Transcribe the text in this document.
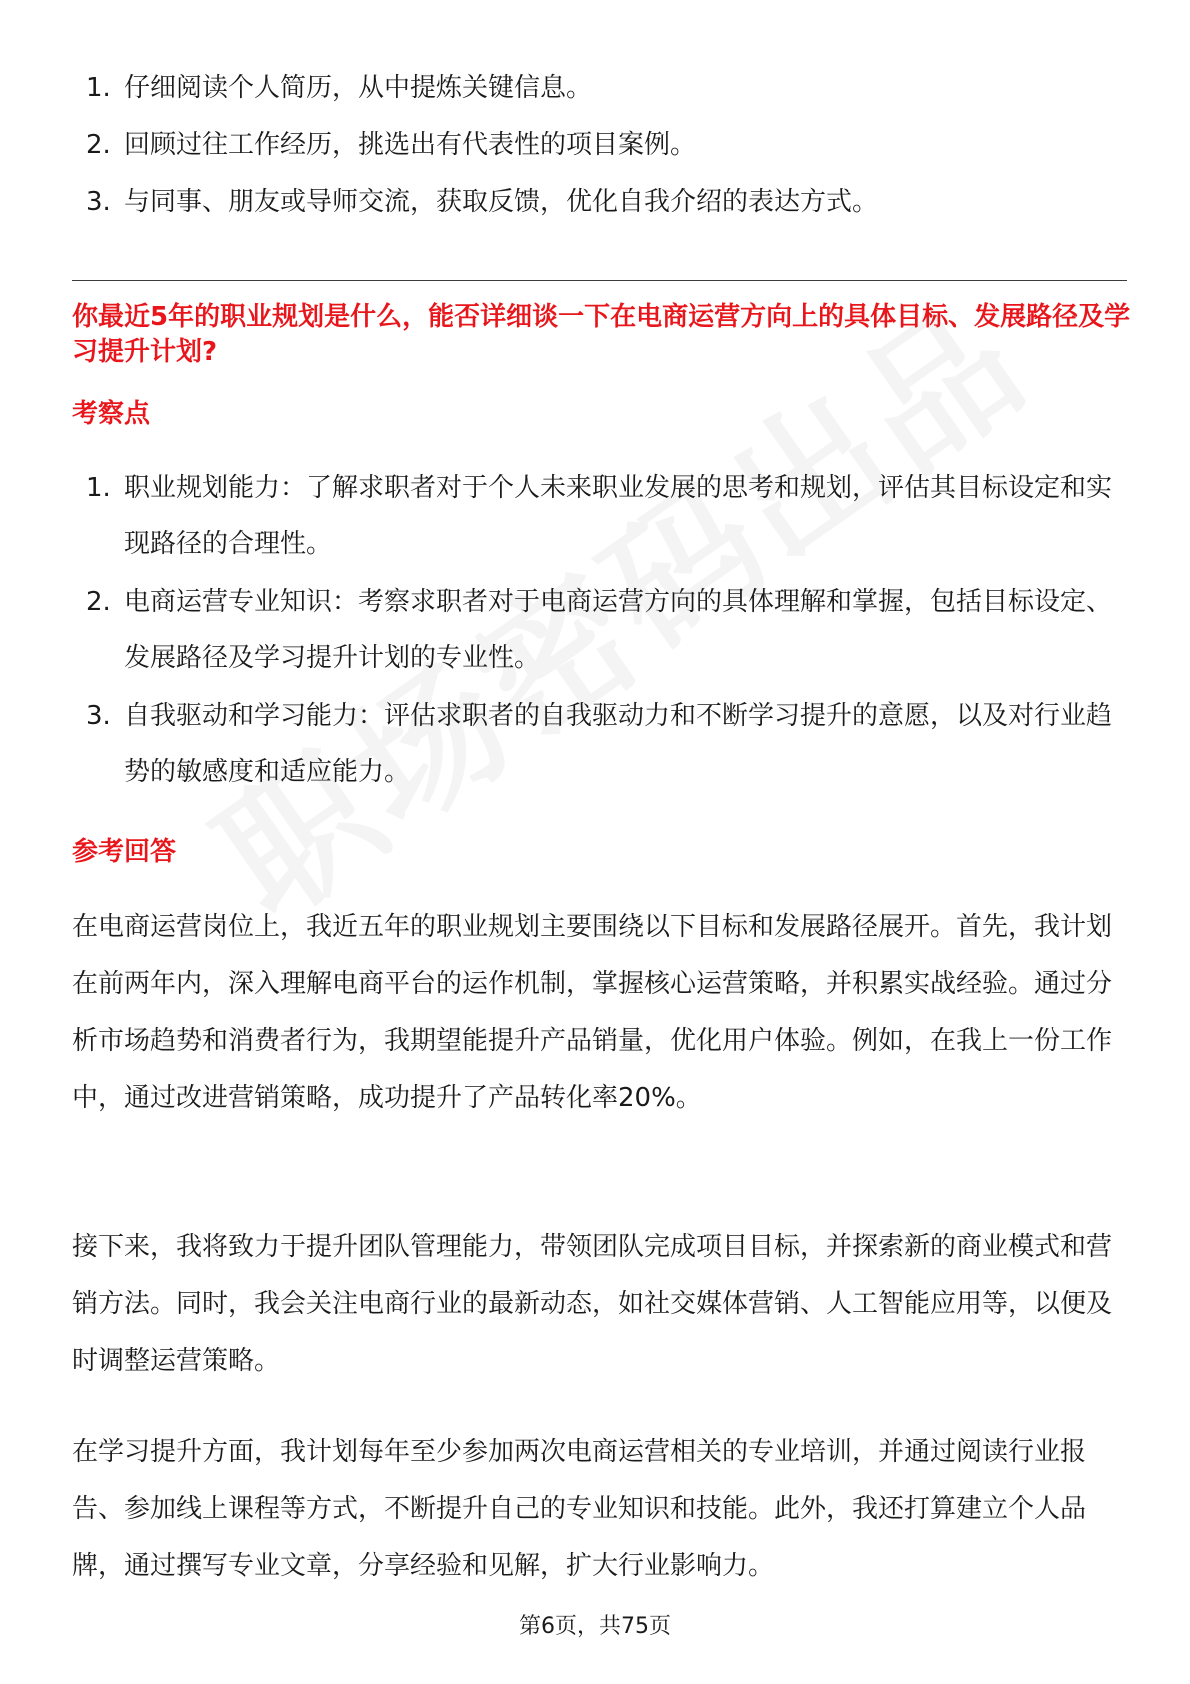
1. 仔细阅读个人简历，从中提炼关键信息。
2. 回顾过往工作经历，挑选出有代表性的项目案例。
3. 与同事、朋友或导师交流，获取反馈，优化自我介绍的表达方式。
你最近5年的职业规划是什么，能否详细谈一下在电商运营方向上的具体目标、发展路径及学习提升计划?
考察点
1. 职业规划能力：了解求职者对于个人未来职业发展的思考和规划，评估其目标设定和实现路径的合理性。
2. 电商运营专业知识：考察求职者对于电商运营方向的具体理解和掌握，包括目标设定、发展路径及学习提升计划的专业性。
3. 自我驱动和学习能力：评估求职者的自我驱动力和不断学习提升的意愿，以及对行业趋势的敏感度和适应能力。
参考回答

在电商运营岗位上，我近五年的职业规划主要围绕以下目标和发展路径展开。首先，我计划在前两年内，深入理解电商平台的运作机制，掌握核心运营策略，并积累实战经验。通过分析市场趋势和消费者行为，我期望能提升产品销量，优化用户体验。例如，在我上一份工作中，通过改进营销策略，成功提升了产品转化率20%。

接下来，我将致力于提升团队管理能力，带领团队完成项目目标，并探索新的商业模式和营销方法。同时，我会关注电商行业的最新动态，如社交媒体营销、人工智能应用等，以便及时调整运营策略。

在学习提升方面，我计划每年至少参加两次电商运营相关的专业培训，并通过阅读行业报告、参加线上课程等方式，不断提升自己的专业知识和技能。此外，我还打算建立个人品牌，通过撰写专业文章，分享经验和见解，扩大行业影响力。

第6页，共75页
